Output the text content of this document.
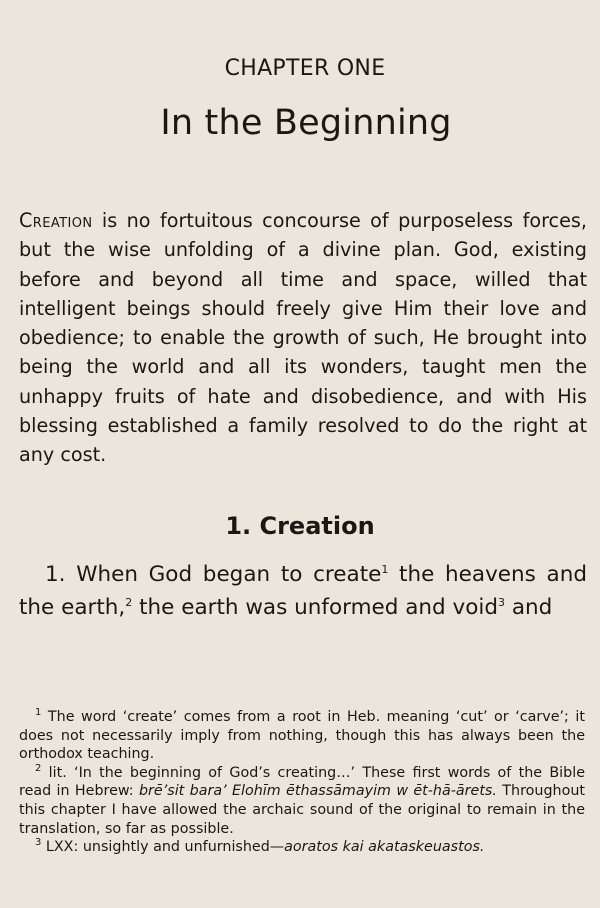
CHAPTER ONE
In the Beginning

Creation is no fortuitous concourse of purposeless forces, but the wise unfolding of a divine plan. God, existing before and beyond all time and space, willed that intelligent beings should freely give Him their love and obedience; to enable the growth of such, He brought into being the world and all its wonders, taught men the unhappy fruits of hate and disobedience, and with His blessing established a family resolved to do the right at any cost.

1. Creation

1. When God began to create$^1$ the heavens and the earth,$^2$ the earth was unformed and void$^3$ and

$^1$ The word ‘create’ comes from a root in Heb. meaning ‘cut’ or ‘carve’; it does not necessarily imply from nothing, though this has always been the orthodox teaching.

$^2$ lit. ‘In the beginning of God’s creating…’ These first words of the Bible read in Hebrew: brē’sit bara’ Elohīm ēthassāmayim w ēt-hā-ārets. Throughout this chapter I have allowed the archaic sound of the original to remain in the translation, so far as possible.

$^3$ LXX: unsightly and unfurnished—aoratos kai akataskeuastos.
